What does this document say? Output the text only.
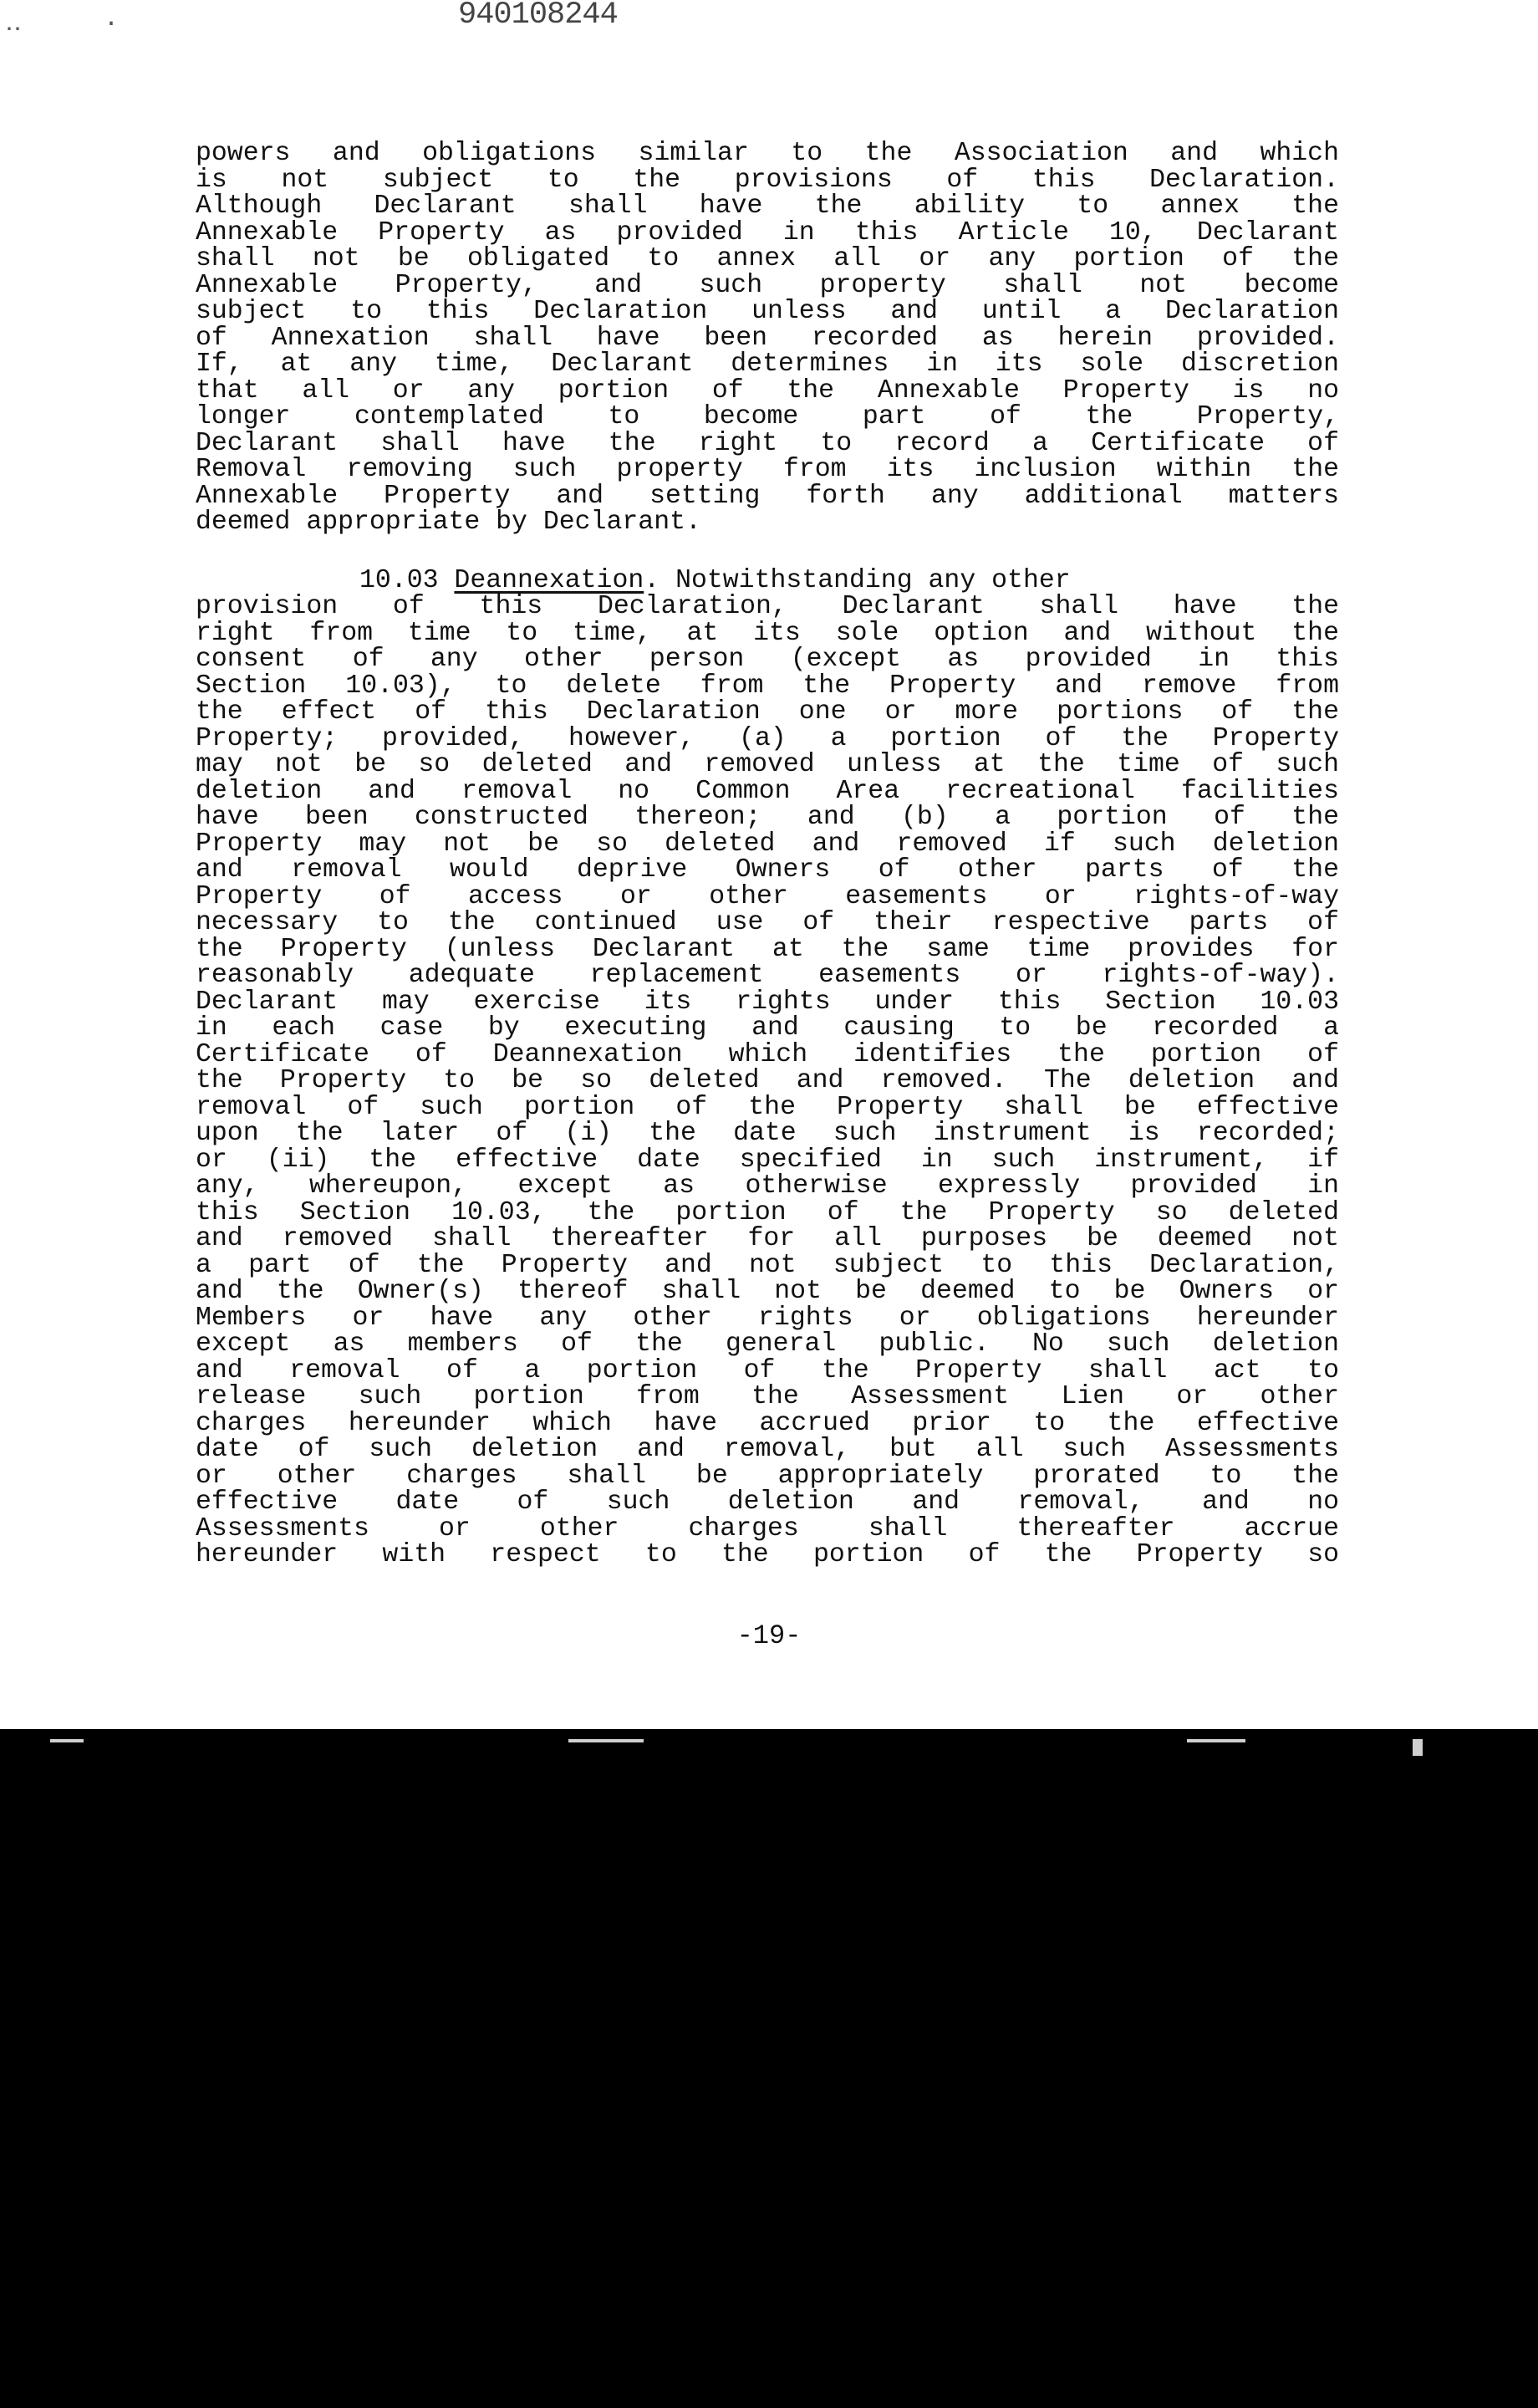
‥ ·	940108244
powers and obligations similar to the Association and which
is not subject to the provisions of this Declaration.
Although Declarant shall have the ability to annex the
Annexable Property as provided in this Article 10, Declarant
shall not be obligated to annex all or any portion of the
Annexable Property, and such property shall not become
subject to this Declaration unless and until a Declaration
of Annexation shall have been recorded as herein provided.
If, at any time, Declarant determines in its sole discretion
that all or any portion of the Annexable Property is no
longer contemplated to become part of the Property,
Declarant shall have the right to record a Certificate of
Removal removing such property from its inclusion within the
Annexable Property and setting forth any additional matters
deemed appropriate by Declarant.
10.03 Deannexation. Notwithstanding any other
provision of this Declaration, Declarant shall have the
right from time to time, at its sole option and without the
consent of any other person (except as provided in this
Section 10.03), to delete from the Property and remove from
the effect of this Declaration one or more portions of the
Property; provided, however, (a) a portion of the Property
may not be so deleted and removed unless at the time of such
deletion and removal no Common Area recreational facilities
have been constructed thereon; and (b) a portion of the
Property may not be so deleted and removed if such deletion
and removal would deprive Owners of other parts of the
Property of access or other easements or rights-of-way
necessary to the continued use of their respective parts of
the Property (unless Declarant at the same time provides for
reasonably adequate replacement easements or rights-of-way).
Declarant may exercise its rights under this Section 10.03
in each case by executing and causing to be recorded a
Certificate of Deannexation which identifies the portion of
the Property to be so deleted and removed. The deletion and
removal of such portion of the Property shall be effective
upon the later of (i) the date such instrument is recorded;
or (ii) the effective date specified in such instrument, if
any, whereupon, except as otherwise expressly provided in
this Section 10.03, the portion of the Property so deleted
and removed shall thereafter for all purposes be deemed not
a part of the Property and not subject to this Declaration,
and the Owner(s) thereof shall not be deemed to be Owners or
Members or have any other rights or obligations hereunder
except as members of the general public. No such deletion
and removal of a portion of the Property shall act to
release such portion from the Assessment Lien or other
charges hereunder which have accrued prior to the effective
date of such deletion and removal, but all such Assessments
or other charges shall be appropriately prorated to the
effective date of such deletion and removal, and no
Assessments or other charges shall thereafter accrue
hereunder with respect to the portion of the Property so
-19-
